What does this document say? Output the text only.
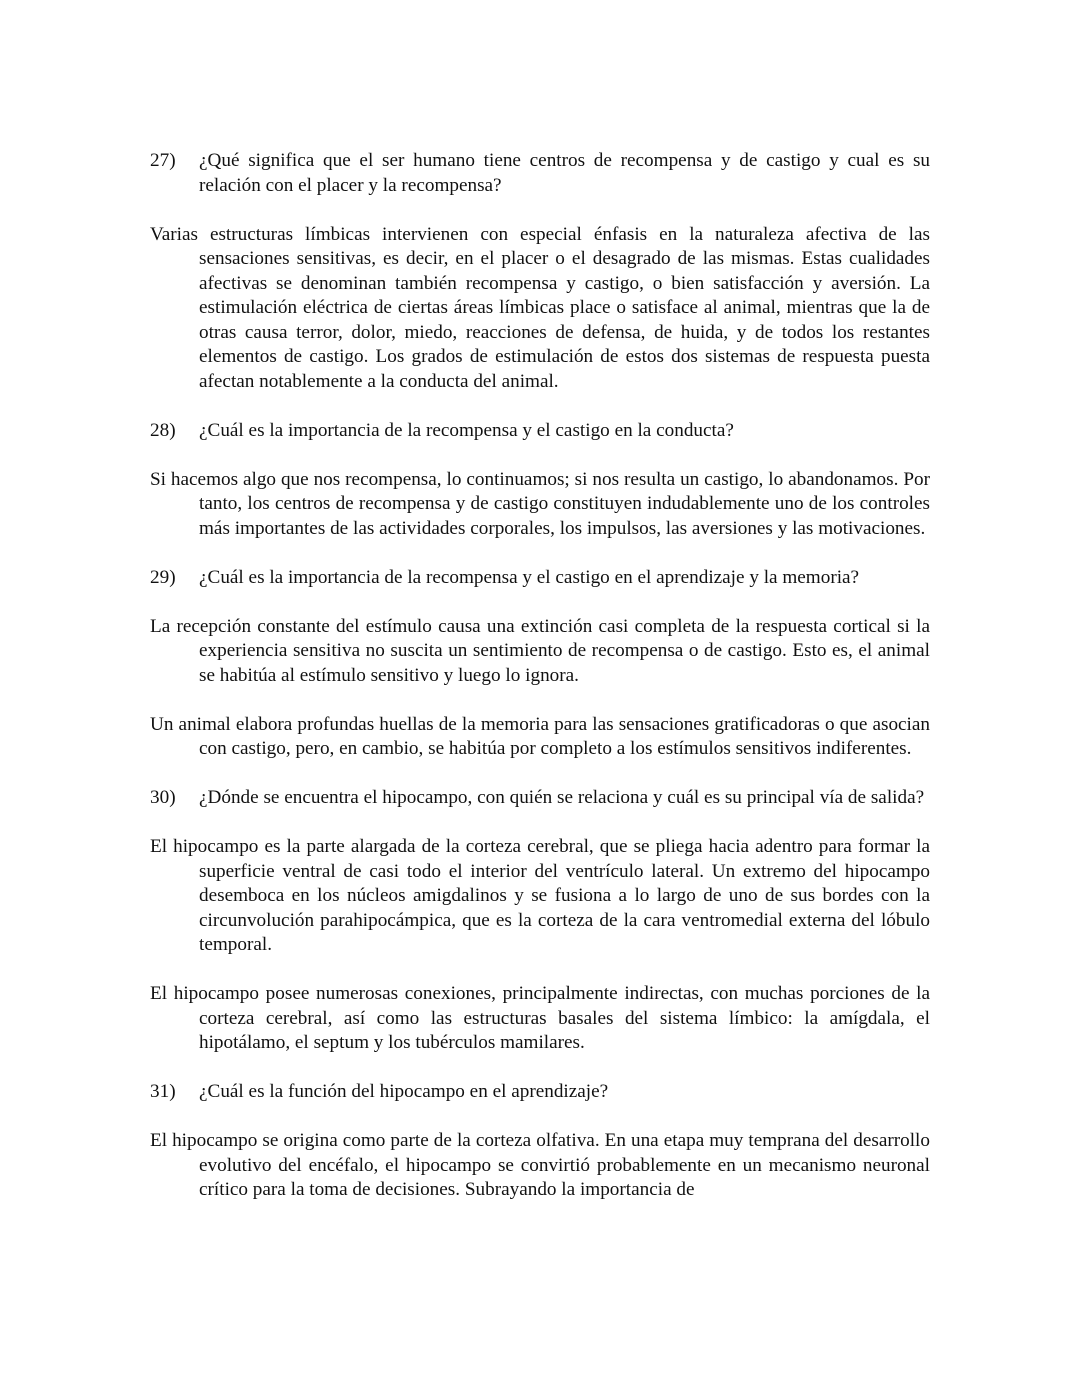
27)	¿Qué significa que el ser humano tiene centros de recompensa y de castigo y cual es su relación con el placer y la recompensa?

Varias estructuras límbicas intervienen con especial énfasis en la naturaleza afectiva de las sensaciones sensitivas, es decir, en el placer o el desagrado de las mismas. Estas cualidades afectivas se denominan también recompensa y castigo, o bien satisfacción y aversión. La estimulación eléctrica de ciertas áreas límbicas place o satisface al animal, mientras que la de otras causa terror, dolor, miedo, reacciones de defensa, de huida, y de todos los restantes elementos de castigo. Los grados de estimulación de estos dos sistemas de respuesta puesta afectan notablemente a la conducta del animal.

28)	¿Cuál es la importancia de la recompensa y el castigo en la conducta?

Si hacemos algo que nos recompensa, lo continuamos; si nos resulta un castigo, lo abandonamos. Por tanto, los centros de recompensa y de castigo constituyen indudablemente uno de los controles más importantes de las actividades corporales, los impulsos, las aversiones y las motivaciones.

29)	¿Cuál es la importancia de la recompensa y el castigo en el aprendizaje y la memoria?

La recepción constante del estímulo causa una extinción casi completa de la respuesta cortical si la experiencia sensitiva no suscita un sentimiento de recompensa o de castigo. Esto es, el animal se habitúa al estímulo sensitivo y luego lo ignora.

Un animal elabora profundas huellas de la memoria para las sensaciones gratificadoras o que asocian con castigo, pero, en cambio, se habitúa por completo a los estímulos sensitivos indiferentes.

30)	¿Dónde se encuentra el hipocampo, con quién se relaciona y cuál es su principal vía de salida?

El hipocampo es la parte alargada de la corteza cerebral, que se pliega hacia adentro para formar la superficie ventral de casi todo el interior del ventrículo lateral. Un extremo del hipocampo desemboca en los núcleos amigdalinos y se fusiona a lo largo de uno de sus bordes con la circunvolución parahipocámpica, que es la corteza de la cara ventromedial externa del lóbulo temporal.

El hipocampo posee numerosas conexiones, principalmente indirectas, con muchas porciones de la corteza cerebral, así como las estructuras basales del sistema límbico: la amígdala, el hipotálamo, el septum y los tubérculos mamilares.

31)	¿Cuál es la función del hipocampo en el aprendizaje?

El hipocampo se origina como parte de la corteza olfativa. En una etapa muy temprana del desarrollo evolutivo del encéfalo, el hipocampo se convirtió probablemente en un mecanismo neuronal crítico para la toma de decisiones. Subrayando la importancia de
